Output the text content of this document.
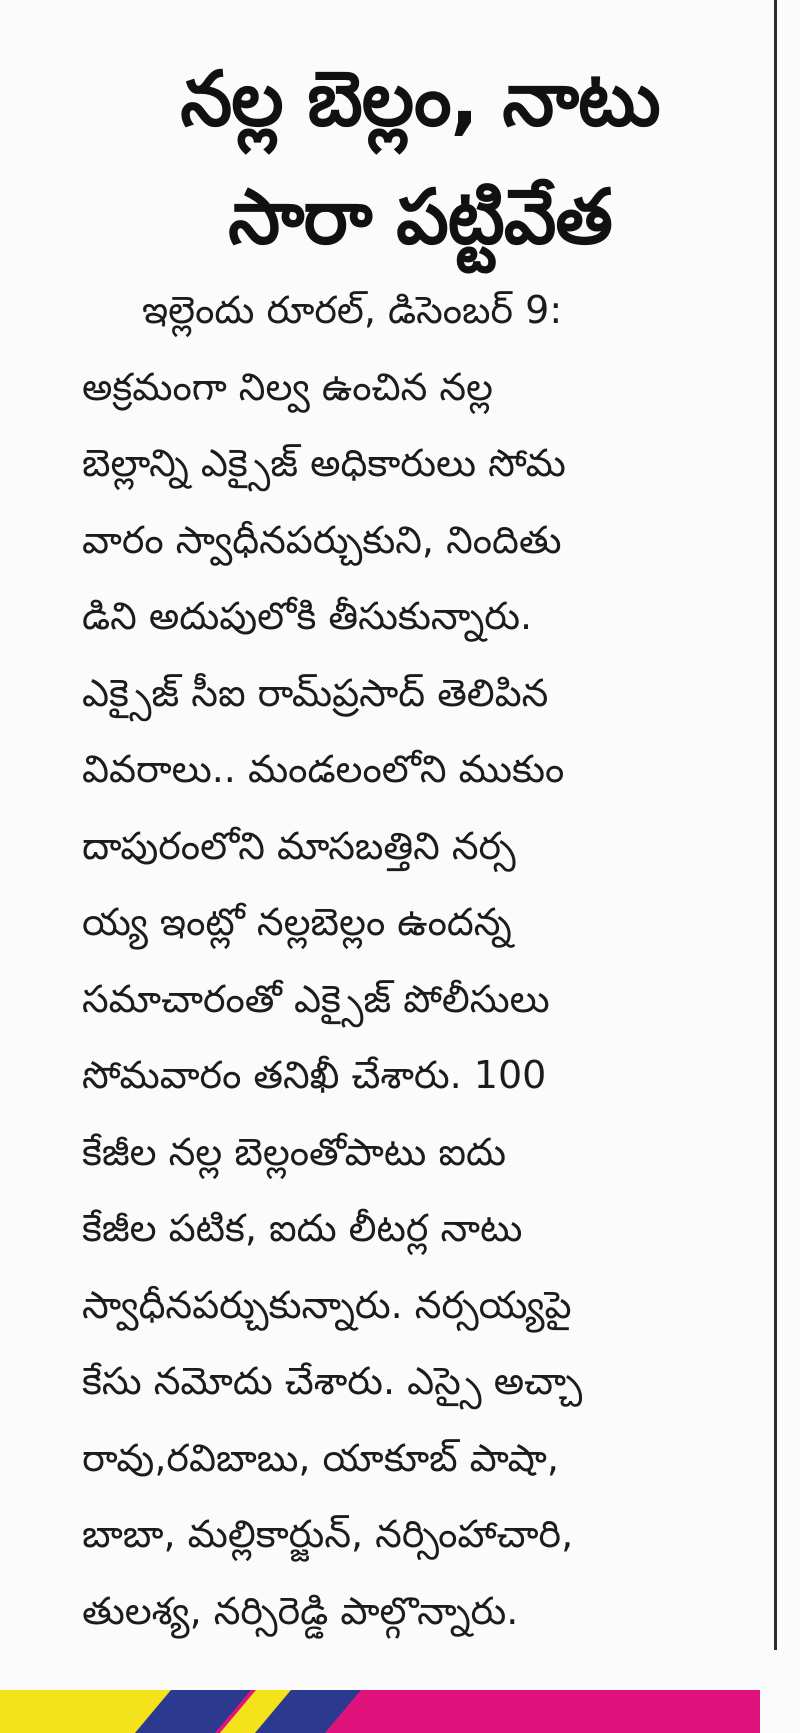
నల్ల బెల్లం, నాటు
సారా పట్టివేత
ఇల్లెందు రూరల్, డిసెంబర్ 9:
అక్రమంగా నిల్వ ఉంచిన నల్ల
బెల్లాన్ని ఎక్సైజ్ అధికారులు సోమ
వారం స్వాధీనపర్చుకుని, నిందితు
డిని అదుపులోకి తీసుకున్నారు.
ఎక్సైజ్ సీఐ రామ్‌ప్రసాద్ తెలిపిన
వివరాలు.. మండలంలోని ముకుం
దాపురంలోని మాసబత్తిని నర్స
య్య ఇంట్లో నల్లబెల్లం ఉందన్న
సమాచారంతో ఎక్సైజ్ పోలీసులు
సోమవారం తనిఖీ చేశారు. 100
కేజీల నల్ల బెల్లంతోపాటు ఐదు
కేజీల పటిక, ఐదు లీటర్ల నాటు
స్వాధీనపర్చుకున్నారు. నర్సయ్యపై
కేసు నమోదు చేశారు. ఎస్సై అచ్చా
రావు,రవిబాబు, యాకూబ్ పాషా,
బాబా, మల్లికార్జున్, నర్సింహాచారి,
తులశ్య, నర్సిరెడ్డి పాల్గొన్నారు.
